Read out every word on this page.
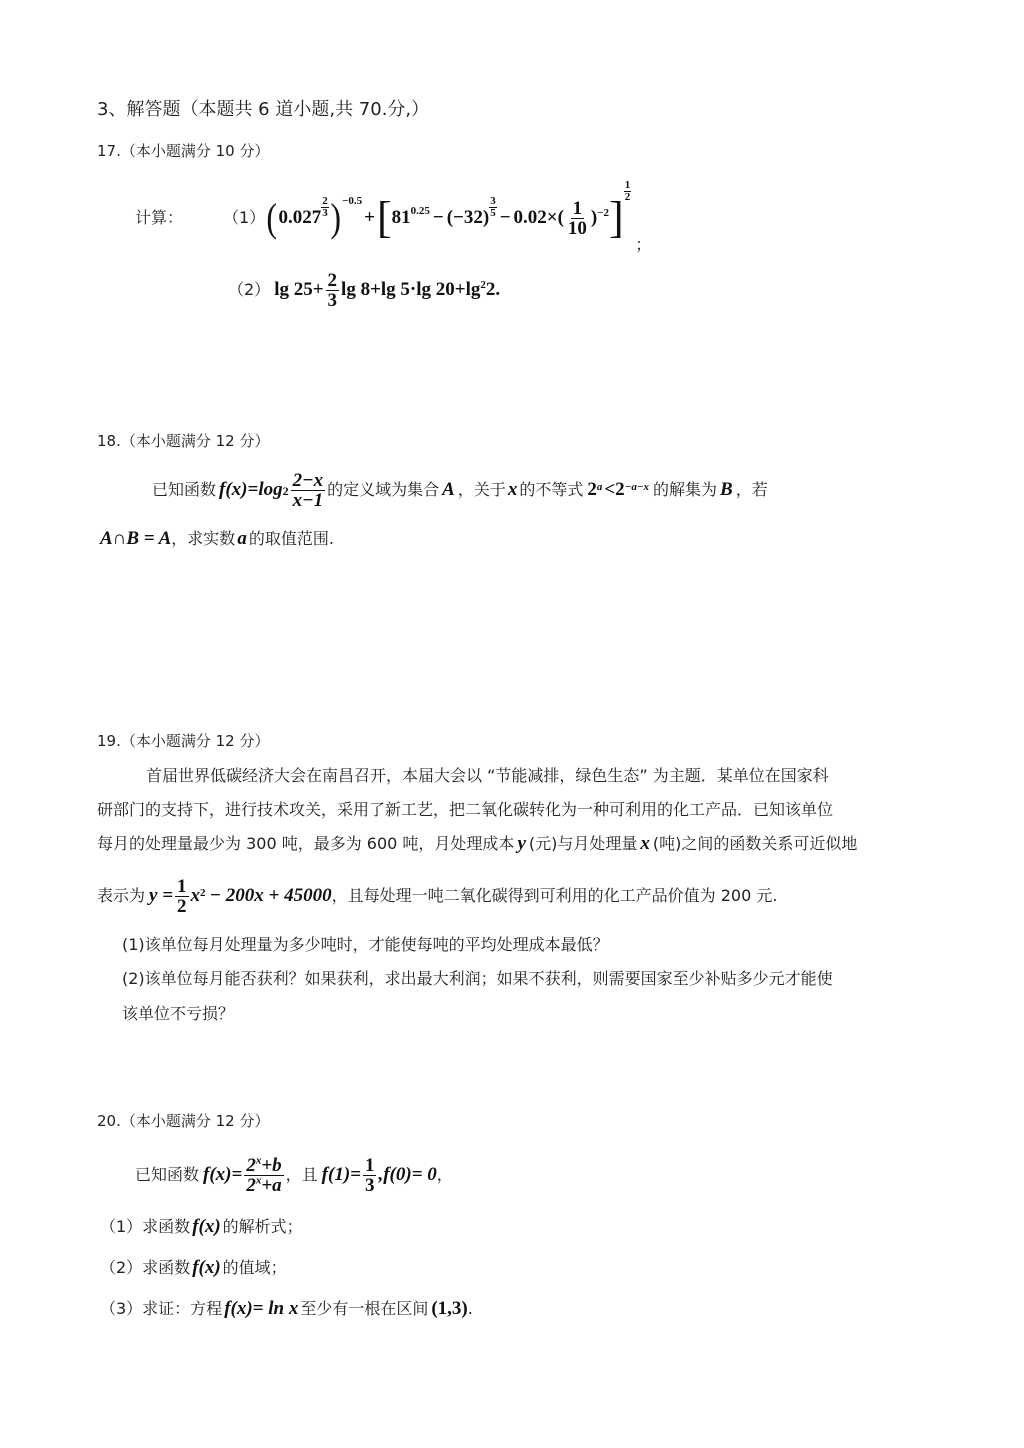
3、解答题（本题共 6 道小题,共 70.分,）
17.（本小题满分 10 分）
计算：	（1） ( $0.027 \frac{2}{3}$ ) −0.5
+ [ 81 $0.25 - (-32) \frac{3}{5} - 0.02\times( \frac{1}{10}$ ) −2 ]
$\frac{1}{2}$
；
（2） $\lg 25+ \frac{2}{3}$ lg 8+lg 5·lg 20+lg 2 2.
18.（本小题满分 12 分）
已知函数 f(x)=log $2 \frac{2-x}{x-1}$ 的定义域为集合 A ，关于 x 的不等式 2 a <2 −a−x 的解集为 B ，若
A∩B = A ，求实数 a 的取值范围.
19.（本小题满分 12 分）
首届世界低碳经济大会在南昌召开，本届大会以 “节能减排，绿色生态” 为主题．某单位在国家科
研部门的支持下，进行技术攻关，采用了新工艺，把二氧化碳转化为一种可利用的化工产品．已知该单位
每月的处理量最少为 300 吨，最多为 600 吨，月处理成本 y (元)与月处理量 x (吨)之间的函数关系可近似地
表示为 $y = \frac{1}{2}$ x 2 − 200x + 45000 ，且每处理一吨二氧化碳得到可利用的化工产品价值为 200 元.
(1)该单位每月处理量为多少吨时，才能使每吨的平均处理成本最低？
(2)该单位每月能否获利？如果获利，求出最大利润；如果不获利，则需要国家至少补贴多少元才能使
该单位不亏损？
20.（本小题满分 12 分）
已知函数 $f(x)= \frac{2^x+b}{2^x+a}$ ，且 $f(1)= \frac{1}{3} ,f(0)= 0$ ，
（1）求函数 f(x) 的解析式；
（2）求函数 f(x) 的值域；
（3）求证：方程 f(x)= ln x 至少有一根在区间 (1,3) .
